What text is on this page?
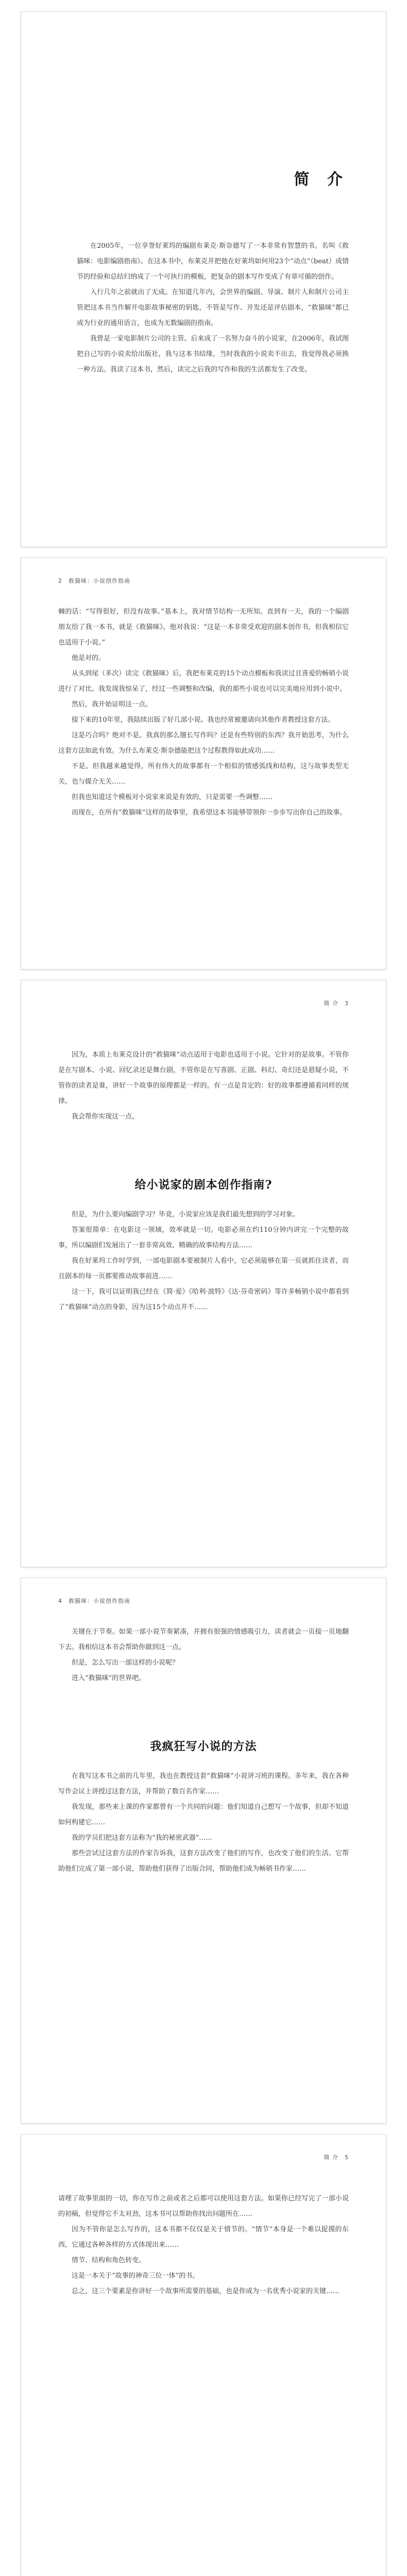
简 介

在2005年，一位享誉好莱坞的编剧布莱克·斯奈德写了一本非常有智慧的书。名叫《救猫咪：电影编剧指南》。在这本书中，布莱克并把他在好莱坞如何用23个“动点”（beat）成情节的经验和总结归纳成了一个可执行的模板，把复杂的剧本写作变成了有章可循的创作。

入行几年之前就出了无成。在知道几年内，会世界的编剧、导演、制片人和制片公司主管把这本书当作解开电影故事秘密的钥匙，不管是写作、开发还是评估剧本，“救猫咪”都已成为行业的通用语言，也成为无数编剧的指南。

我曾是一家电影制片公司的主管。后来成了一名努力奋斗的小说家，在2006年，我试图把自己写的小说卖给出版社，我与这本书结缘，当时我我的小说卖不出去，我觉得我必须换一种方法。我读了这本书，然后，读完之后我的写作和我的生活都发生了改变。

2　救猫咪：小说创作指南

棘的话：“写得很好，但没有故事。”基本上，我对情节结构一无所知。直到有一天，我的一个编剧朋友给了我一本书，就是《救猫咪》。他对我说：“这是一本非常受欢迎的剧本创作书，但我相信它也适用于小说。”

他是对的。

从头到尾（多次）读完《救猫咪》后，我把布莱克的15个动点模板和我读过且喜爱的畅销小说进行了对比。我发现我惊呆了，经过一些调整和改编，我的那些小说也可以完美地应用到小说中。

然后，我开始证明这一点。

接下来的10年里，我陆续出版了好几部小说。我也经常被邀请向其他作者教授这套方法。

这是巧合吗？绝对不是。我真的那么擅长写作吗？还是有些特别的东西？我开始思考，为什么这套方法如此有效。为什么布莱克·斯奈德能把这个过程教得如此成功……

不是。但我越来越觉得，所有伟大的故事都有一个相似的情感弧线和结构，这与故事类型无关，也与媒介无关……

但我也知道这个模板对小说家来说是有效的，只是需要一些调整……

而现在，在所有“救猫咪”这样的故事里，我希望这本书能够带领你一步步写出你自己的故事。

简 介　3

因为，本质上布莱克设计的“救猫咪”动点适用于电影也适用于小说。它针对的是故事。不管你是在写剧本、小说、回忆录还是舞台剧，不管你是在写喜剧、正剧、科幻、奇幻还是悬疑小说，不管你的读者是谁，讲好一个故事的原理都是一样的。有一点是肯定的：好的故事都遵循着同样的规律。

我会帮你实现这一点。

给小说家的剧本创作指南?

但是，为什么要向编剧学习？毕竟，小说家应该是我们最先想到的学习对象。

答案很简单：在电影这一领域，效率就是一切。电影必须在约110分钟内讲完一个完整的故事，所以编剧们发展出了一套非常高效、精确的故事结构方法……

我在好莱坞工作时学到，一部电影剧本要被制片人看中，它必须能够在第一页就抓住读者，而且剧本的每一页都要推动故事前进……

这一下，我可以证明我已经在《简·爱》《哈利·波特》《达·芬奇密码》等许多畅销小说中都看到了“救猫咪”动点的身影，因为这15个动点并不……

4　救猫咪：小说创作指南

关键在于节奏。如果一部小说节奏紧凑，并拥有很强的情感吸引力，读者就会一页接一页地翻下去。我相信这本书会帮助你做到这一点。

但是，怎么写出一部这样的小说呢？

进入“救猫咪”的世界吧。

我疯狂写小说的方法

在我写这本书之前的几年里，我也在教授这套“救猫咪”小说讲习班的课程。多年来，我在各种写作会议上讲授过这套方法，并帮助了数百名作家……

我发现，那些来上课的作家都曾有一个共同的问题：他们知道自己想写一个故事，但却不知道如何构建它……

我的学员们把这套方法称为“我的秘密武器”……

那些尝试过这套方法的作家告诉我，这套方法改变了他们的写作，也改变了他们的生活。它帮助他们完成了第一部小说，帮助他们获得了出版合同，帮助他们成为畅销书作家……

简 介　5

请理了故事里面的一切，你在写作之前或者之后都可以使用这套方法。如果你已经写完了一部小说的初稿，但觉得它不太对劲，这本书可以帮助你找出问题所在……

因为不管你是怎么写作的，这本书都不仅仅是关于情节的。“情节”本身是一个难以捉摸的东西，它通过各种各样的方式体现出来……

情节、结构和角色转变。

这是一本关于“故事的神奇三位一体”的书。

总之，这三个要素是你讲好一个故事所需要的基础，也是你成为一名优秀小说家的关键……
